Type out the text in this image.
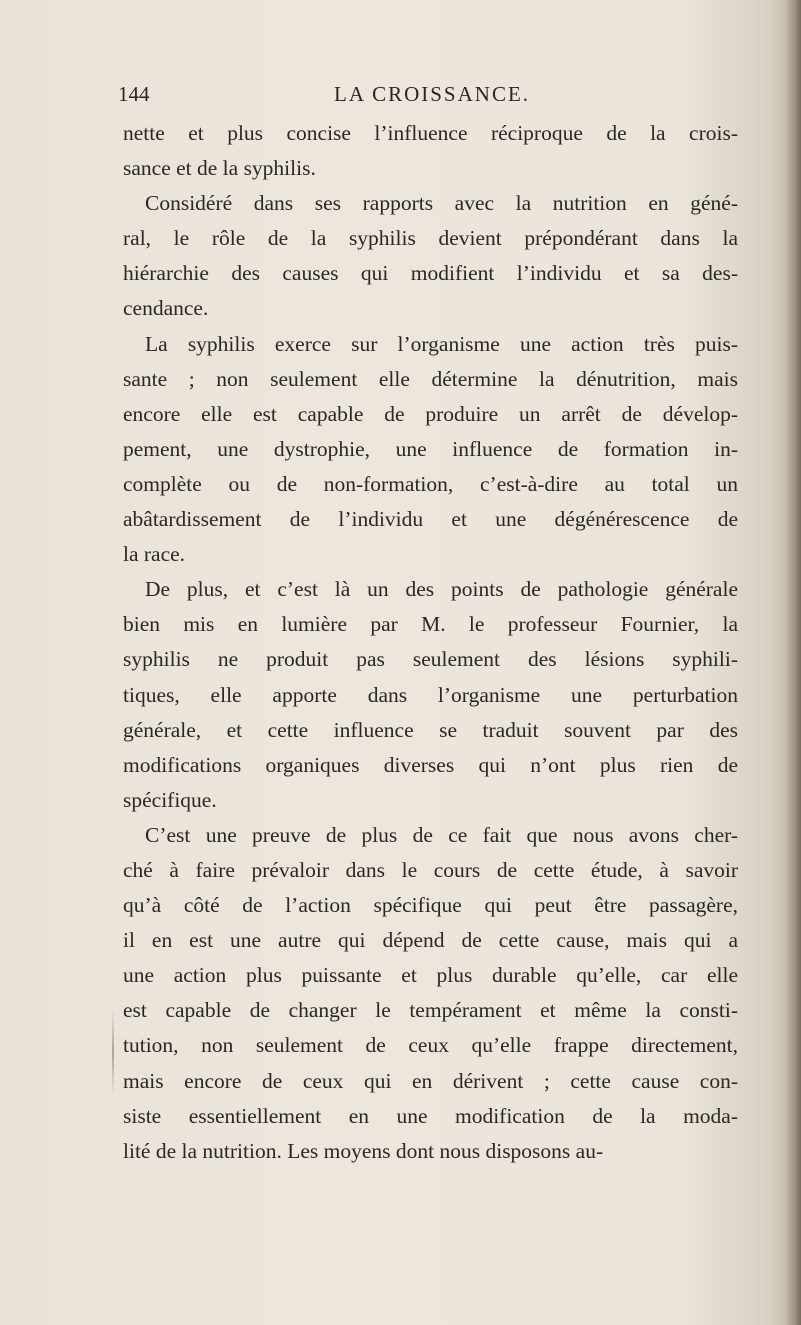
144	LA CROISSANCE.
nette et plus concise l’influence réciproque de la crois-
sance et de la syphilis.
Considéré dans ses rapports avec la nutrition en géné-
ral, le rôle de la syphilis devient prépondérant dans la
hiérarchie des causes qui modifient l’individu et sa des-
cendance.
La syphilis exerce sur l’organisme une action très puis-
sante ; non seulement elle détermine la dénutrition, mais
encore elle est capable de produire un arrêt de dévelop-
pement, une dystrophie, une influence de formation in-
complète ou de non-formation, c’est-à-dire au total un
abâtardissement de l’individu et une dégénérescence de
la race.
De plus, et c’est là un des points de pathologie générale
bien mis en lumière par M. le professeur Fournier, la
syphilis ne produit pas seulement des lésions syphili-
tiques, elle apporte dans l’organisme une perturbation
générale, et cette influence se traduit souvent par des
modifications organiques diverses qui n’ont plus rien de
spécifique.
C’est une preuve de plus de ce fait que nous avons cher-
ché à faire prévaloir dans le cours de cette étude, à savoir
qu’à côté de l’action spécifique qui peut être passagère,
il en est une autre qui dépend de cette cause, mais qui a
une action plus puissante et plus durable qu’elle, car elle
est capable de changer le tempérament et même la consti-
tution, non seulement de ceux qu’elle frappe directement,
mais encore de ceux qui en dérivent ; cette cause con-
siste essentiellement en une modification de la moda-
lité de la nutrition. Les moyens dont nous disposons au-
